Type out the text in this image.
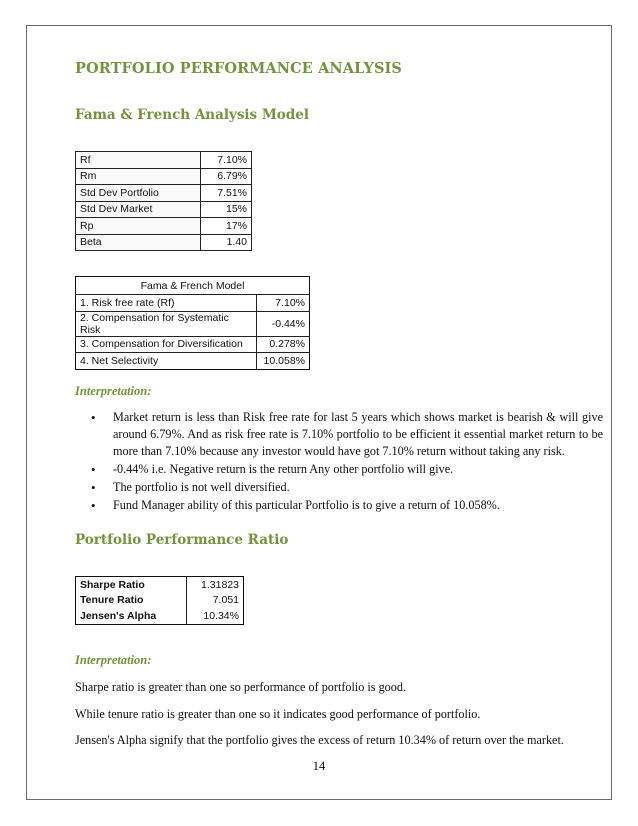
PORTFOLIO PERFORMANCE ANALYSIS
Fama & French Analysis Model
Rf	7.10%
Rm	6.79%
Std Dev Portfolio	7.51%
Std Dev Market	15%
Rp	17%
Beta	1.40
Fama & French Model	
1. Risk free rate (Rf)	7.10%
2. Compensation for Systematic Risk	-0.44%
3. Compensation for Diversification	0.278%
4. Net Selectivity	10.058%
Interpretation:
• Market return is less than Risk free rate for last 5 years which shows market is bearish & will give around 6.79%. And as risk free rate is 7.10% portfolio to be efficient it essential market return to be more than 7.10% because any investor would have got 7.10% return without taking any risk.
• -0.44% i.e. Negative return is the return Any other portfolio will give.
• The portfolio is not well diversified.
• Fund Manager ability of this particular Portfolio is to give a return of 10.058%.
Portfolio Performance Ratio
Sharpe Ratio	1.31823
Tenure Ratio	7.051
Jensen's Alpha	10.34%
Interpretation:
Sharpe ratio is greater than one so performance of portfolio is good.
While tenure ratio is greater than one so it indicates good performance of portfolio.
Jensen's Alpha signify that the portfolio gives the excess of return 10.34% of return over the market.
14
